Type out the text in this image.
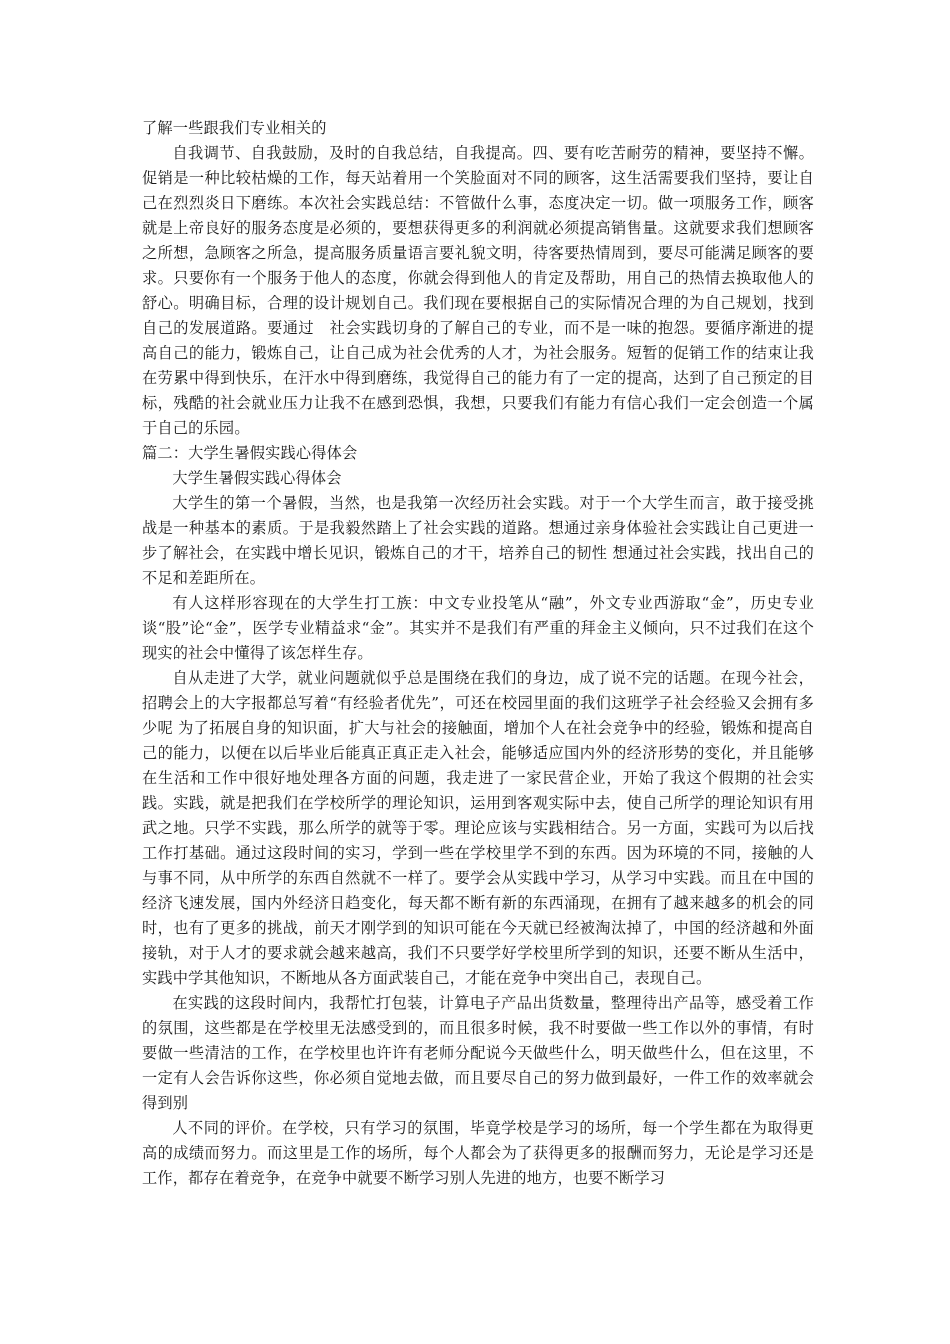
了解一些跟我们专业相关的

自我调节、自我鼓励，及时的自我总结，自我提高。四、要有吃苦耐劳的精神，要坚持不懈。促销是一种比较枯燥的工作，每天站着用一个笑脸面对不同的顾客，这生活需要我们坚持，要让自己在烈烈炎日下磨练。本次社会实践总结：不管做什么事，态度决定一切。做一项服务工作，顾客就是上帝良好的服务态度是必须的，要想获得更多的利润就必须提高销售量。这就要求我们想顾客之所想，急顾客之所急，提高服务质量语言要礼貌文明，待客要热情周到，要尽可能满足顾客的要求。只要你有一个服务于他人的态度，你就会得到他人的肯定及帮助，用自己的热情去换取他人的舒心。明确目标，合理的设计规划自己。我们现在要根据自己的实际情况合理的为自己规划，找到自己的发展道路。要通过　社会实践切身的了解自己的专业，而不是一味的抱怨。要循序渐进的提高自己的能力，锻炼自己，让自己成为社会优秀的人才，为社会服务。短暂的促销工作的结束让我在劳累中得到快乐，在汗水中得到磨练，我觉得自己的能力有了一定的提高，达到了自己预定的目标，残酷的社会就业压力让我不在感到恐惧，我想，只要我们有能力有信心我们一定会创造一个属于自己的乐园。

篇二：大学生暑假实践心得体会

大学生暑假实践心得体会

大学生的第一个暑假，当然，也是我第一次经历社会实践。对于一个大学生而言，敢于接受挑战是一种基本的素质。于是我毅然踏上了社会实践的道路。想通过亲身体验社会实践让自己更进一步了解社会，在实践中增长见识，锻炼自己的才干，培养自己的韧性 想通过社会实践，找出自己的不足和差距所在。

有人这样形容现在的大学生打工族：中文专业投笔从“融”，外文专业西游取“金”，历史专业谈“股”论“金”，医学专业精益求“金”。其实并不是我们有严重的拜金主义倾向，只不过我们在这个现实的社会中懂得了该怎样生存。

自从走进了大学，就业问题就似乎总是围绕在我们的身边，成了说不完的话题。在现今社会，招聘会上的大字报都总写着“有经验者优先”，可还在校园里面的我们这班学子社会经验又会拥有多少呢 为了拓展自身的知识面，扩大与社会的接触面，增加个人在社会竞争中的经验，锻炼和提高自己的能力，以便在以后毕业后能真正真正走入社会，能够适应国内外的经济形势的变化，并且能够在生活和工作中很好地处理各方面的问题，我走进了一家民营企业，开始了我这个假期的社会实践。实践，就是把我们在学校所学的理论知识，运用到客观实际中去，使自己所学的理论知识有用武之地。只学不实践，那么所学的就等于零。理论应该与实践相结合。另一方面，实践可为以后找工作打基础。通过这段时间的实习，学到一些在学校里学不到的东西。因为环境的不同，接触的人与事不同，从中所学的东西自然就不一样了。要学会从实践中学习，从学习中实践。而且在中国的经济飞速发展，国内外经济日趋变化，每天都不断有新的东西涌现，在拥有了越来越多的机会的同时，也有了更多的挑战，前天才刚学到的知识可能在今天就已经被淘汰掉了，中国的经济越和外面接轨，对于人才的要求就会越来越高，我们不只要学好学校里所学到的知识，还要不断从生活中，实践中学其他知识，不断地从各方面武装自己，才能在竞争中突出自己，表现自己。

在实践的这段时间内，我帮忙打包装，计算电子产品出货数量，整理待出产品等，感受着工作的氛围，这些都是在学校里无法感受到的，而且很多时候，我不时要做一些工作以外的事情，有时要做一些清洁的工作，在学校里也许许有老师分配说今天做些什么，明天做些什么，但在这里，不一定有人会告诉你这些，你必须自觉地去做，而且要尽自己的努力做到最好，一件工作的效率就会得到别

人不同的评价。在学校，只有学习的氛围，毕竟学校是学习的场所，每一个学生都在为取得更高的成绩而努力。而这里是工作的场所，每个人都会为了获得更多的报酬而努力，无论是学习还是工作，都存在着竞争，在竞争中就要不断学习别人先进的地方，也要不断学习
